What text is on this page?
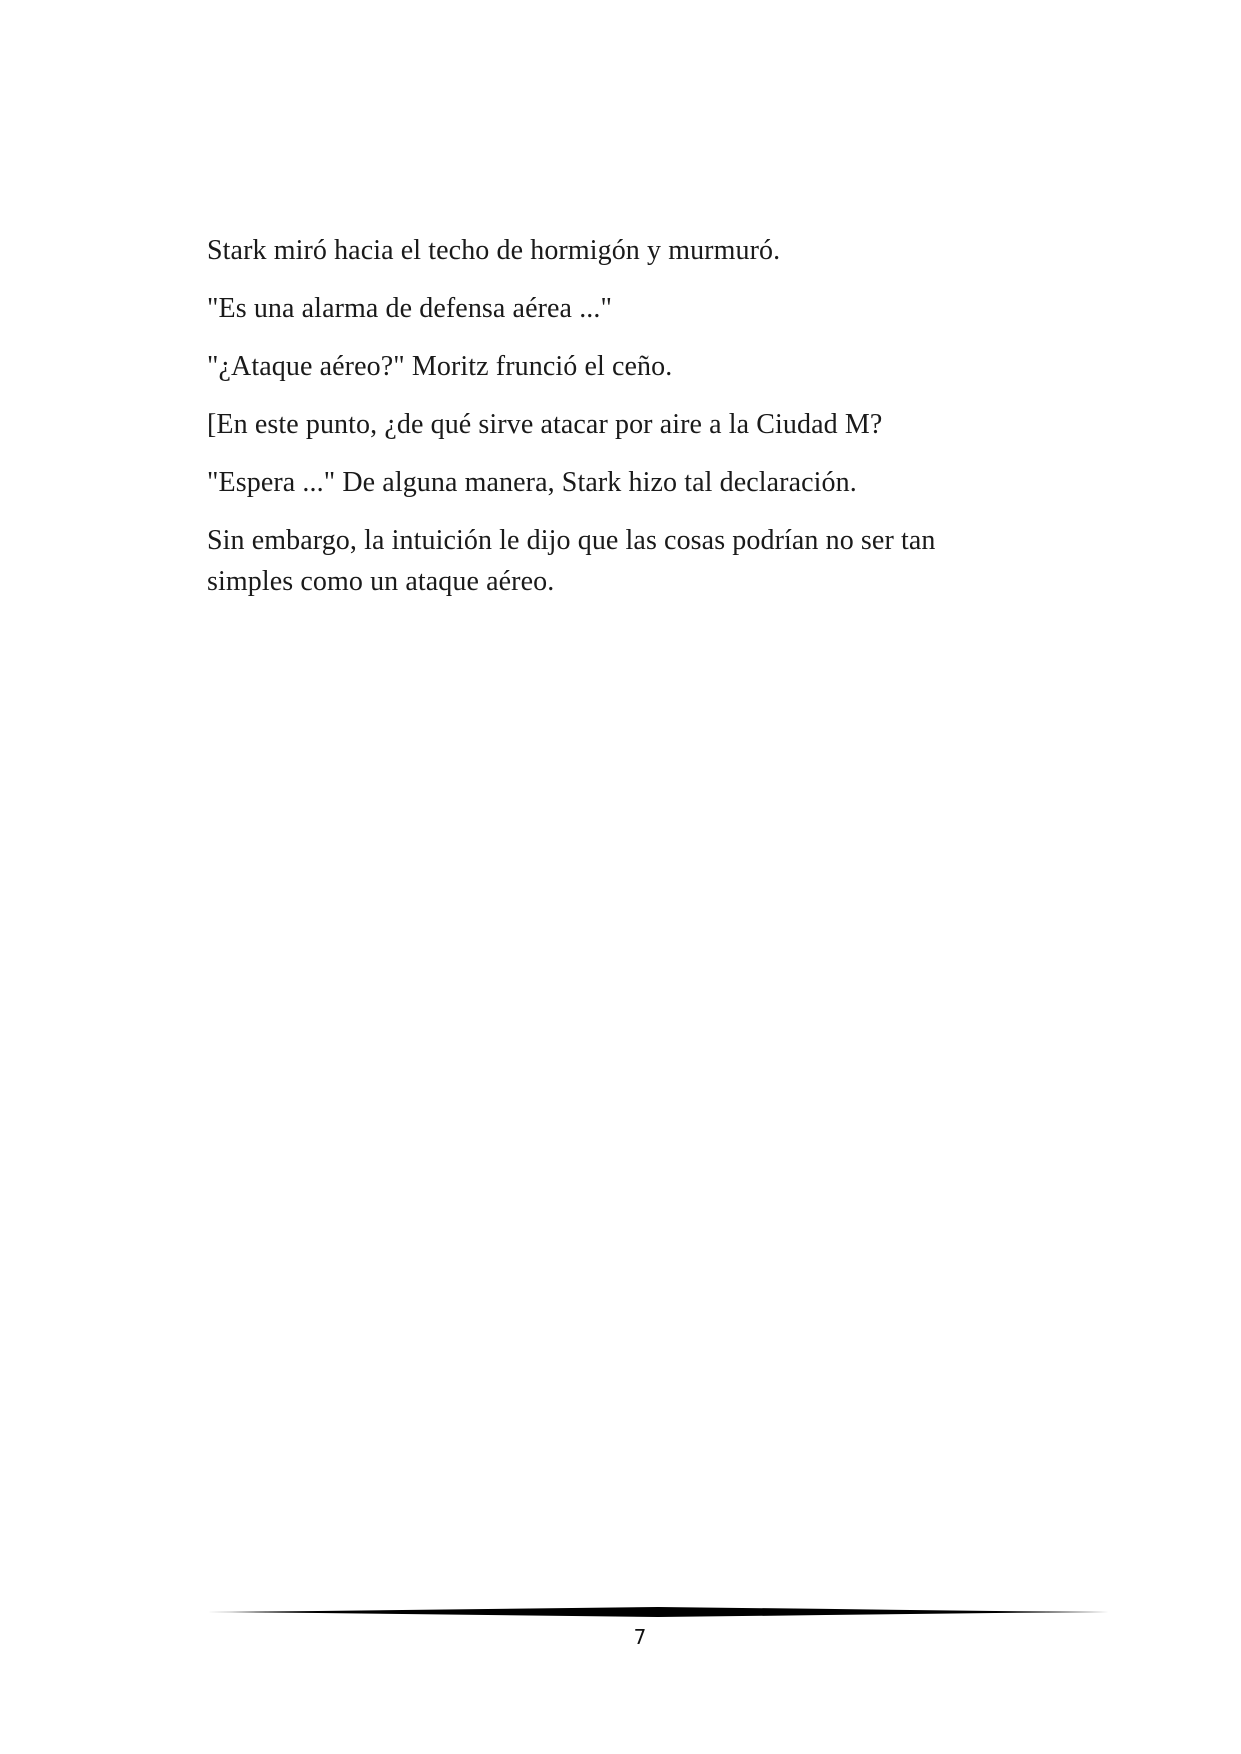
Stark miró hacia el techo de hormigón y murmuró.

"Es una alarma de defensa aérea ..."

"¿Ataque aéreo?" Moritz frunció el ceño.

[En este punto, ¿de qué sirve atacar por aire a la Ciudad M?

"Espera ..." De alguna manera, Stark hizo tal declaración.

Sin embargo, la intuición le dijo que las cosas podrían no ser tan simples como un ataque aéreo.

7
